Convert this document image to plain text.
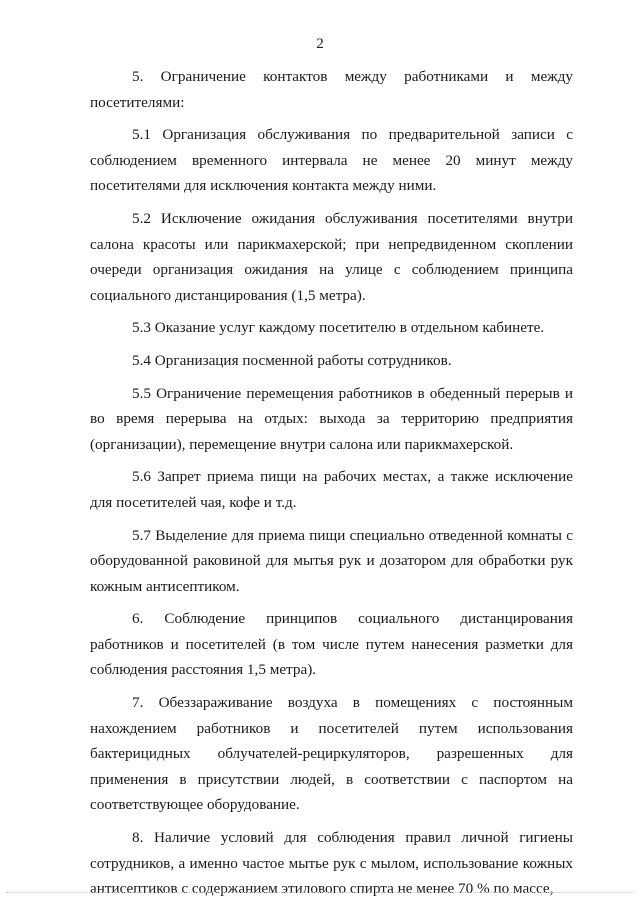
2

5. Ограничение контактов между работниками и между посетителями:

5.1 Организация обслуживания по предварительной записи с соблюдением временного интервала не менее 20 минут между посетителями для исключения контакта между ними.

5.2 Исключение ожидания обслуживания посетителями внутри салона красоты или парикмахерской; при непредвиденном скоплении очереди организация ожидания на улице с соблюдением принципа социального дистанцирования (1,5 метра).

5.3 Оказание услуг каждому посетителю в отдельном кабинете.

5.4 Организация посменной работы сотрудников.

5.5 Ограничение перемещения работников в обеденный перерыв и во время перерыва на отдых: выхода за территорию предприятия (организации), перемещение внутри салона или парикмахерской.

5.6 Запрет приема пищи на рабочих местах, а также исключение для посетителей чая, кофе и т.д.

5.7 Выделение для приема пищи специально отведенной комнаты с оборудованной раковиной для мытья рук и дозатором для обработки рук кожным антисептиком.

6. Соблюдение принципов социального дистанцирования работников и посетителей (в том числе путем нанесения разметки для соблюдения расстояния 1,5 метра).

7. Обеззараживание воздуха в помещениях с постоянным нахождением работников и посетителей путем использования бактерицидных облучателей-рециркуляторов, разрешенных для применения в присутствии людей, в соответствии с паспортом на соответствующее оборудование.

8. Наличие условий для соблюдения правил личной гигиены сотрудников, а именно частое мытье рук с мылом, использование кожных антисептиков с содержанием этилового спирта не менее 70 % по массе,
